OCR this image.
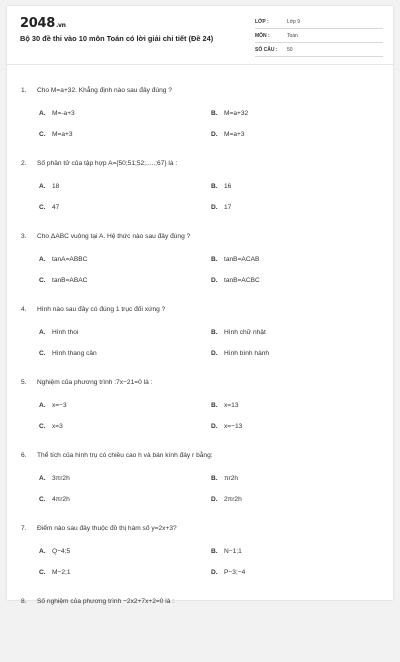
2048.vn
Bộ 30 đề thi vào 10 môn Toán có lời giải chi tiết (Đề 24)
LỚP :	Lớp 9
MÔN :	Toán
SỐ CÂU :	50
1. Cho M=a+32. Khẳng định nào sau đây đúng ?
A. M=-a+3	B. M=a+32
C. M=a+3	D. M=a+3
2. Số phần tử của tập hợp A={50;51;52;.....;67} là :
A. 18	B. 16
C. 47	D. 17
3. Cho ΔABC vuông tại A. Hệ thức nào sau đây đúng ?
A. tanA=ABBC	B. tanB=ACAB
C. tanB=ABAC	D. tanB=ACBC
4. Hình nào sau đây có đúng 1 trục đối xứng ?
A. Hình thoi	B. Hình chữ nhật
C. Hình thang cân	D. Hình bình hành
5. Nghiệm của phương trình :7x−21=0 là :
A. x=−3	B. x=13
C. x=3	D. x=−13
6. Thể tích của hình trụ có chiều cao h và bán kính đáy r bằng:
A. 3πr2h	B. πr2h
C. 4πr2h	D. 2πr2h
7. Điểm nào sau đây thuộc đồ thị hàm số y=2x+3?
A. Q−4;5	B. N−1;1
C. M−2;1	D. P−3;−4
8. Số nghiệm của phương trình −2x2+7x+2=0 là :
